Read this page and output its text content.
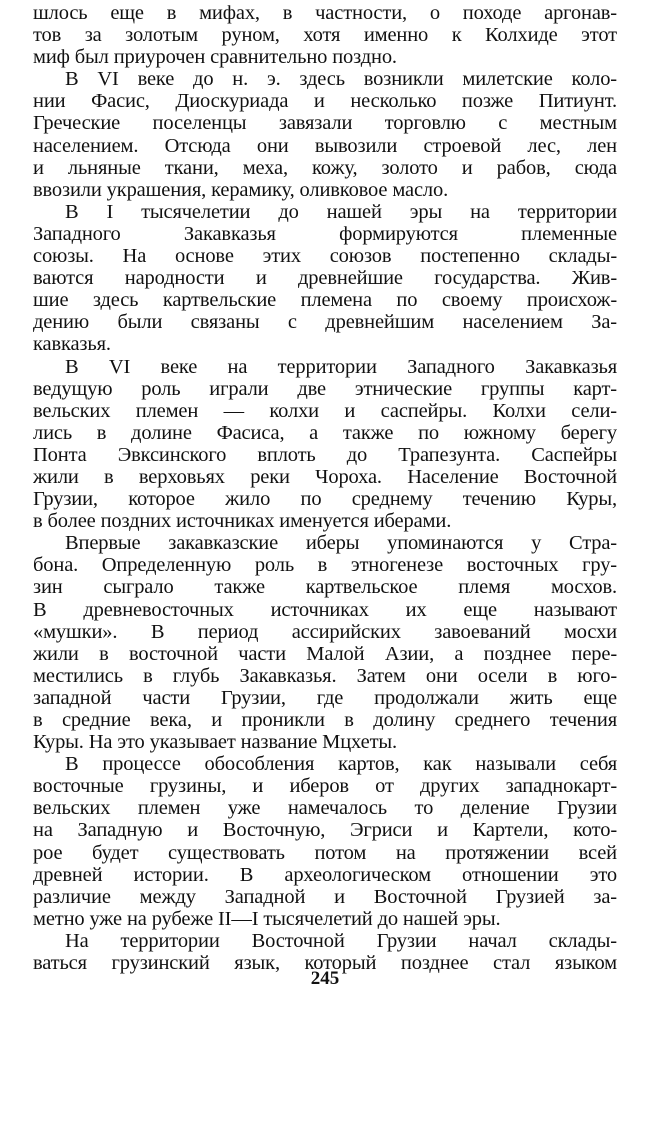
шлось еще в мифах, в частности, о походе аргонав-
тов за золотым руном, хотя именно к Колхиде этот
миф был приурочен сравнительно поздно.
В VI веке до н. э. здесь возникли милетские коло-
нии Фасис, Диоскуриада и несколько позже Питиунт.
Греческие поселенцы завязали торговлю с местным
населением. Отсюда они вывозили строевой лес, лен
и льняные ткани, меха, кожу, золото и рабов, сюда
ввозили украшения, керамику, оливковое масло.
В I тысячелетии до нашей эры на территории
Западного Закавказья формируются племенные
союзы. На основе этих союзов постепенно склады-
ваются народности и древнейшие государства. Жив-
шие здесь картвельские племена по своему происхож-
дению были связаны с древнейшим населением За-
кавказья.
В VI веке на территории Западного Закавказья
ведущую роль играли две этнические группы карт-
вельских племен — колхи и саспейры. Колхи сели-
лись в долине Фасиса, а также по южному берегу
Понта Эвксинского вплоть до Трапезунта. Саспейры
жили в верховьях реки Чороха. Население Восточной
Грузии, которое жило по среднему течению Куры,
в более поздних источниках именуется иберами.
Впервые закавказские иберы упоминаются у Стра-
бона. Определенную роль в этногенезе восточных гру-
зин сыграло также картвельское племя мосхов.
В древневосточных источниках их еще называют
«мушки». В период ассирийских завоеваний мосхи
жили в восточной части Малой Азии, а позднее пере-
местились в глубь Закавказья. Затем они осели в юго-
западной части Грузии, где продолжали жить еще
в средние века, и проникли в долину среднего течения
Куры. На это указывает название Мцхеты.
В процессе обособления картов, как называли себя
восточные грузины, и иберов от других западнокарт-
вельских племен уже намечалось то деление Грузии
на Западную и Восточную, Эгриси и Картели, кото-
рое будет существовать потом на протяжении всей
древней истории. В археологическом отношении это
различие между Западной и Восточной Грузией за-
метно уже на рубеже II—I тысячелетий до нашей эры.
На территории Восточной Грузии начал склады-
ваться грузинский язык, который позднее стал языком
245
